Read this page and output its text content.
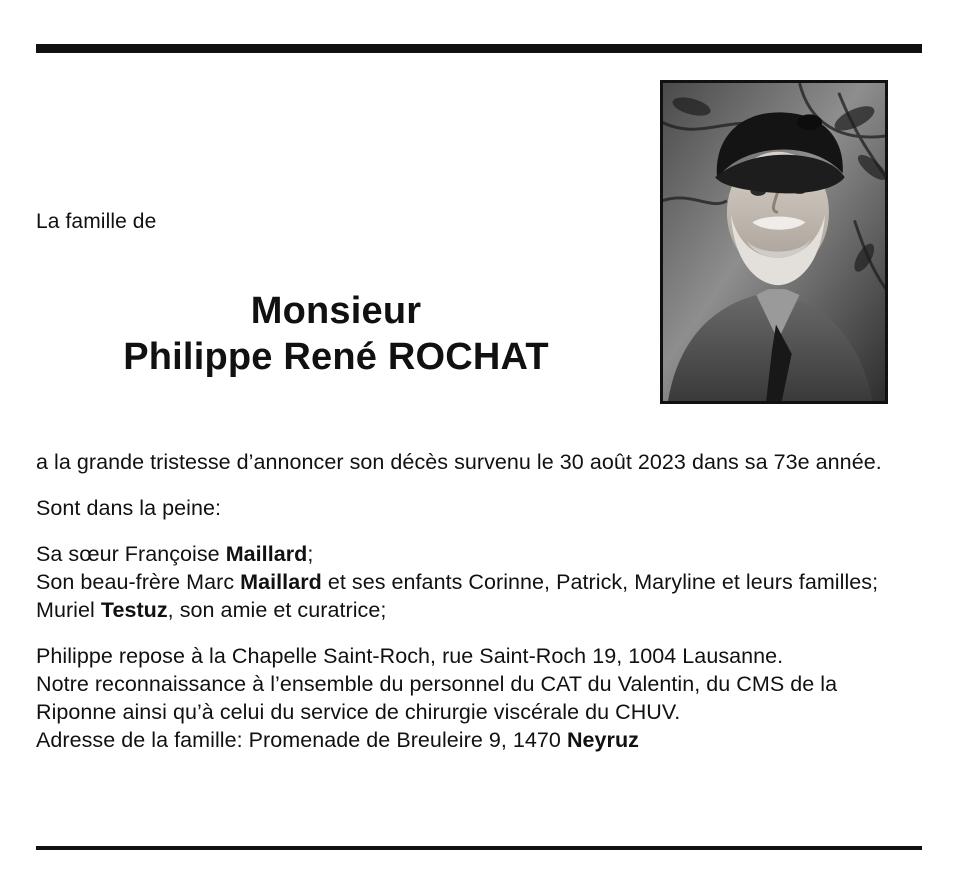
La famille de
Monsieur
Philippe René ROCHAT

a la grande tristesse d’annoncer son décès survenu le 30 août 2023 dans sa 73e année.

Sont dans la peine:

Sa sœur Françoise Maillard;

Son beau-frère Marc Maillard et ses enfants Corinne, Patrick, Maryline et leurs familles;

Muriel Testuz, son amie et curatrice;

Philippe repose à la Chapelle Saint-Roch, rue Saint-Roch 19, 1004 Lausanne.

Notre reconnaissance à l’ensemble du personnel du CAT du Valentin, du CMS de la Riponne ainsi qu’à celui du service de chirurgie viscérale du CHUV.

Adresse de la famille: Promenade de Breuleire 9, 1470 Neyruz
